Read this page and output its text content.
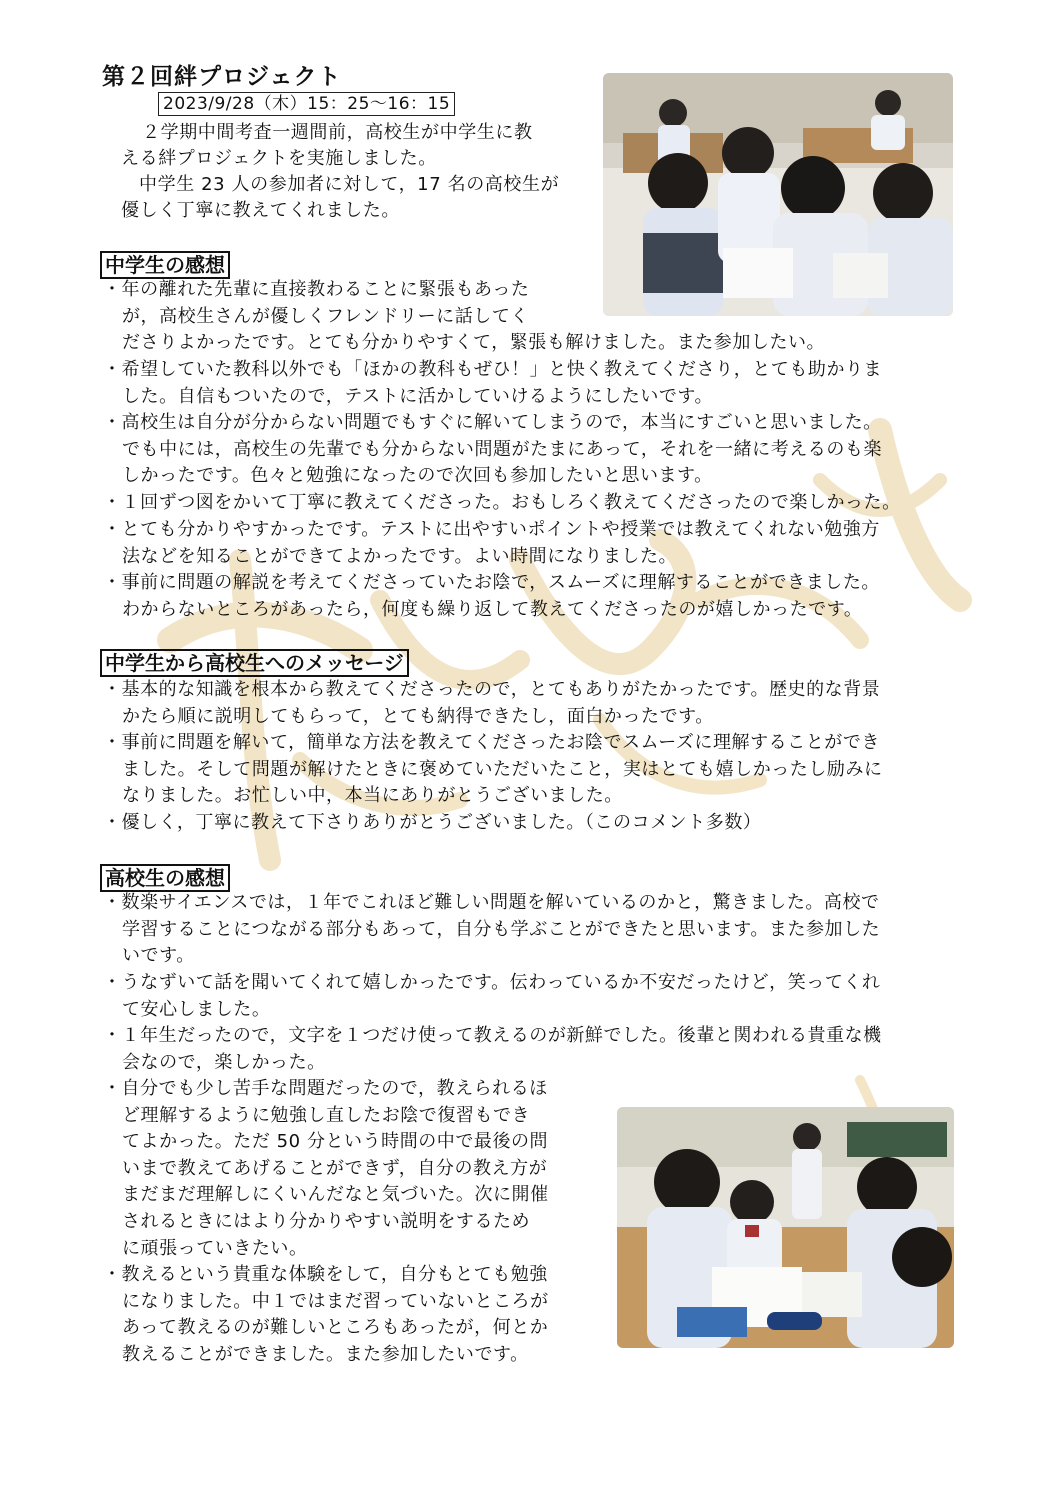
第２回絆プロジェクト
2023/9/28（木）15：25〜16：15
２学期中間考査一週間前，高校生が中学生に教
える絆プロジェクトを実施しました。
中学生 23 人の参加者に対して，17 名の高校生が
優しく丁寧に教えてくれました。
中学生の感想
・年の離れた先輩に直接教わることに緊張もあった
が，高校生さんが優しくフレンドリーに話してく
ださりよかったです。とても分かりやすくて，緊張も解けました。また参加したい。
・希望していた教科以外でも「ほかの教科もぜひ！」と快く教えてくださり，とても助かりま
した。自信もついたので，テストに活かしていけるようにしたいです。
・高校生は自分が分からない問題でもすぐに解いてしまうので，本当にすごいと思いました。
でも中には，高校生の先輩でも分からない問題がたまにあって，それを一緒に考えるのも楽
しかったです。色々と勉強になったので次回も参加したいと思います。
・１回ずつ図をかいて丁寧に教えてくださった。おもしろく教えてくださったので楽しかった。
・とても分かりやすかったです。テストに出やすいポイントや授業では教えてくれない勉強方
法などを知ることができてよかったです。よい時間になりました。
・事前に問題の解説を考えてくださっていたお陰で，スムーズに理解することができました。
わからないところがあったら，何度も繰り返して教えてくださったのが嬉しかったです。
中学生から高校生へのメッセージ
・基本的な知識を根本から教えてくださったので，とてもありがたかったです。歴史的な背景
かたら順に説明してもらって，とても納得できたし，面白かったです。
・事前に問題を解いて，簡単な方法を教えてくださったお陰でスムーズに理解することができ
ました。そして問題が解けたときに褒めていただいたこと，実はとても嬉しかったし励みに
なりました。お忙しい中，本当にありがとうございました。
・優しく，丁寧に教えて下さりありがとうございました。（このコメント多数）
高校生の感想
・数楽サイエンスでは，１年でこれほど難しい問題を解いているのかと，驚きました。高校で
学習することにつながる部分もあって，自分も学ぶことができたと思います。また参加した
いです。
・うなずいて話を聞いてくれて嬉しかったです。伝わっているか不安だったけど，笑ってくれ
て安心しました。
・１年生だったので，文字を１つだけ使って教えるのが新鮮でした。後輩と関われる貴重な機
会なので，楽しかった。
・自分でも少し苦手な問題だったので，教えられるほ
ど理解するように勉強し直したお陰で復習もでき
てよかった。ただ 50 分という時間の中で最後の問
いまで教えてあげることができず，自分の教え方が
まだまだ理解しにくいんだなと気づいた。次に開催
されるときにはより分かりやすい説明をするため
に頑張っていきたい。
・教えるという貴重な体験をして，自分もとても勉強
になりました。中１ではまだ習っていないところが
あって教えるのが難しいところもあったが，何とか
教えることができました。また参加したいです。
